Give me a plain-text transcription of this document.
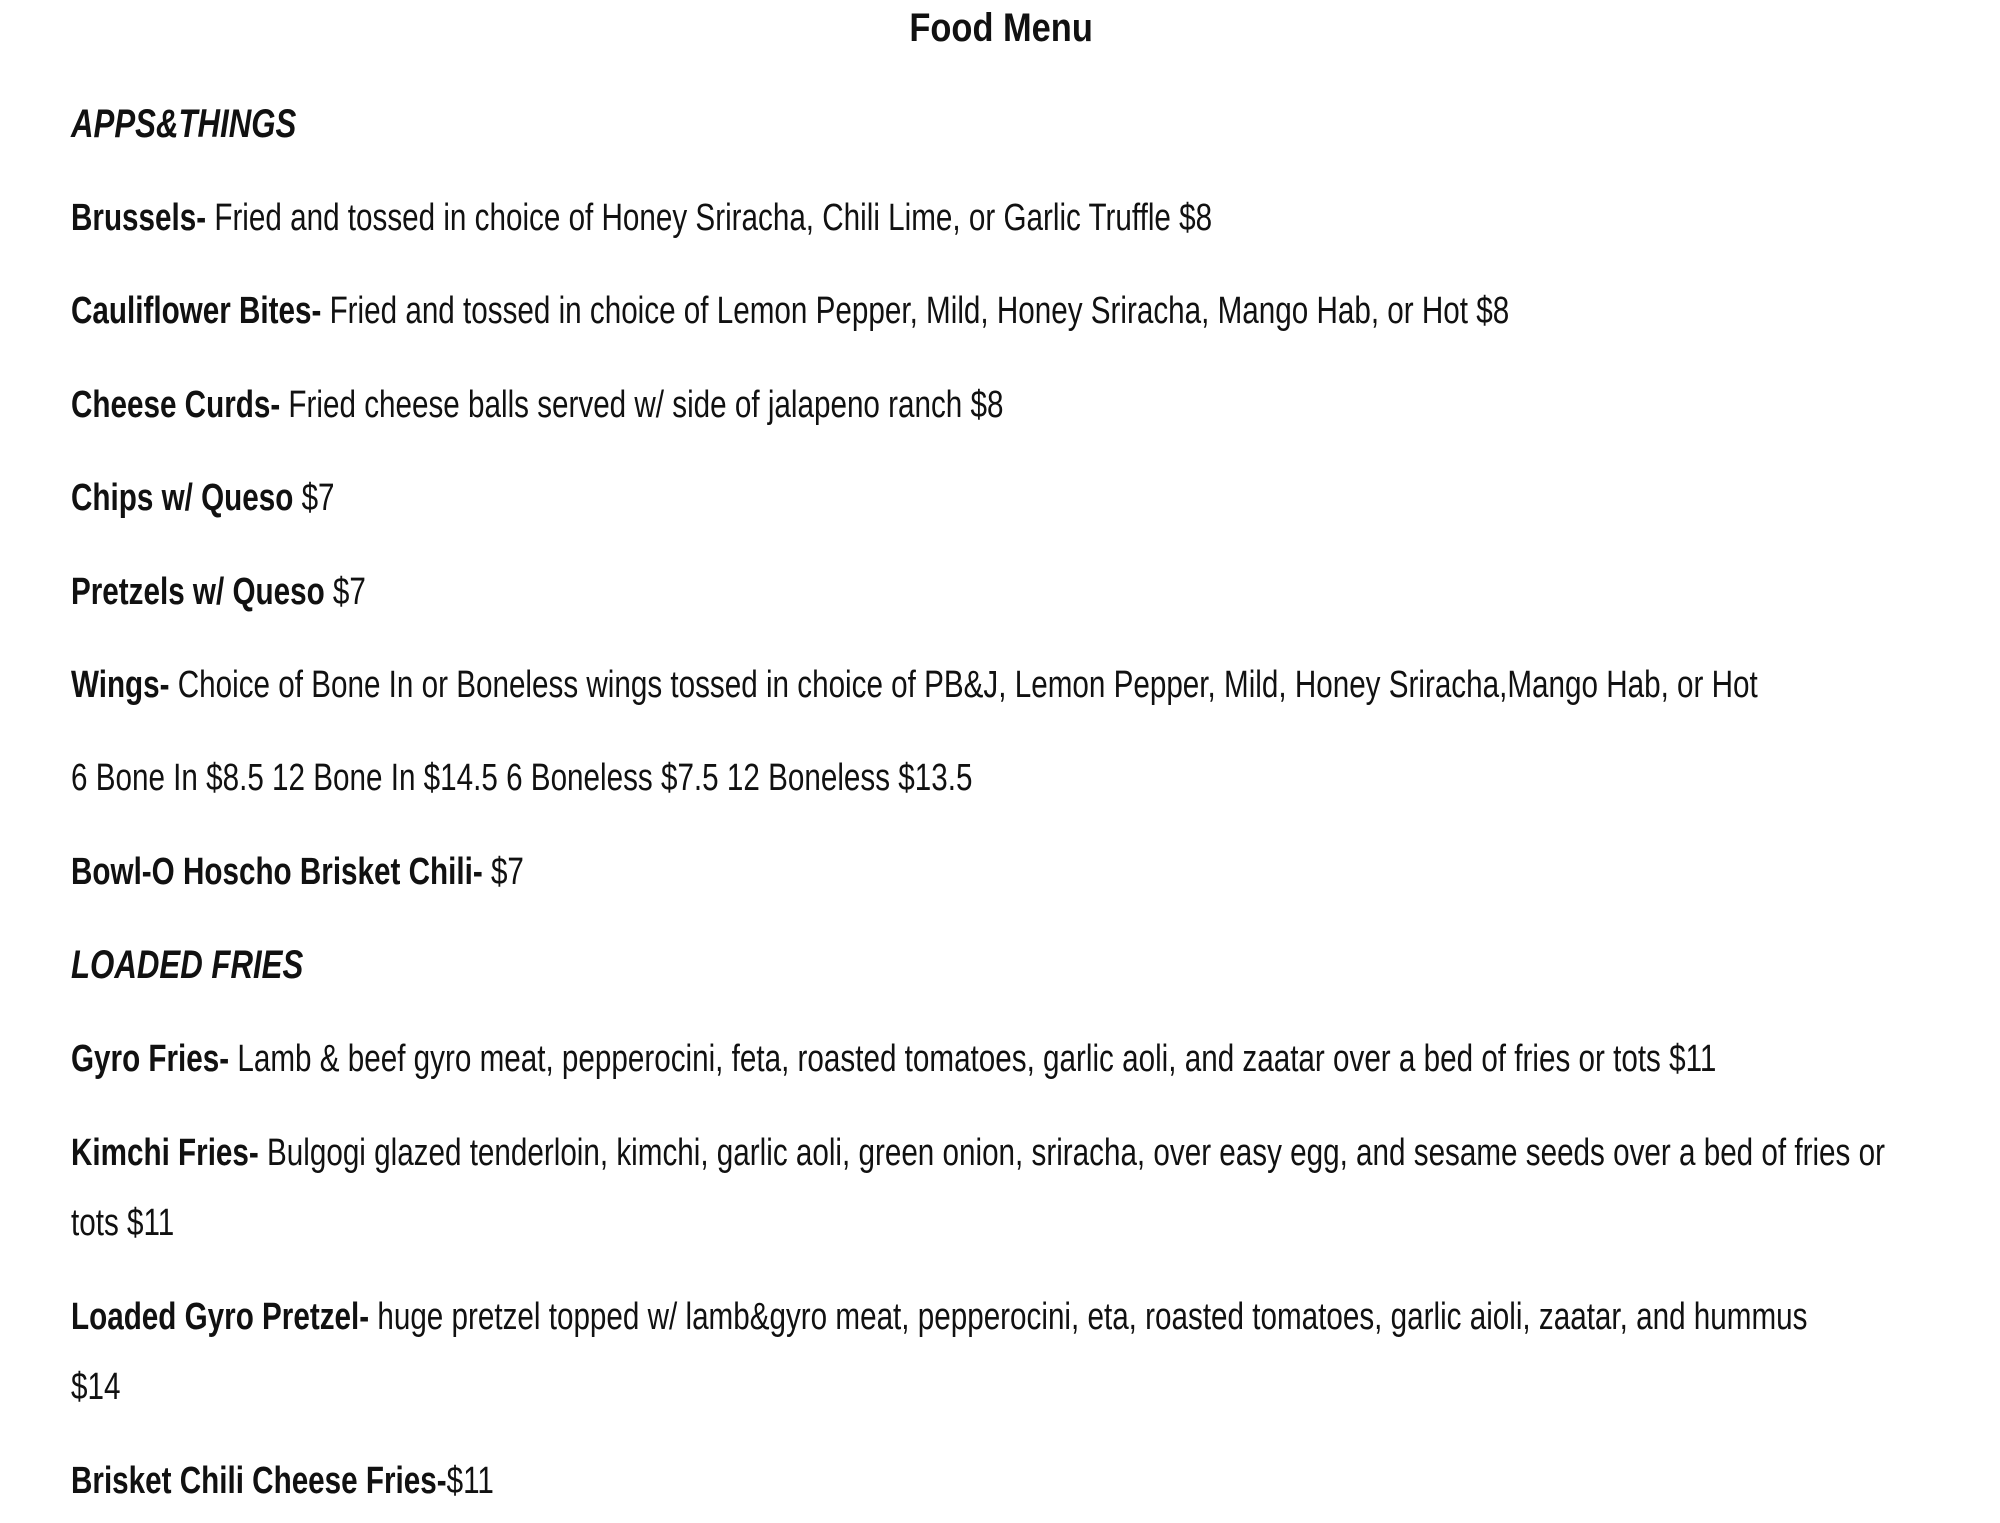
Food Menu
APPS&THINGS
Brussels- Fried and tossed in choice of Honey Sriracha, Chili Lime, or Garlic Truffle $8
Cauliflower Bites- Fried and tossed in choice of Lemon Pepper, Mild, Honey Sriracha, Mango Hab, or Hot $8
Cheese Curds- Fried cheese balls served w/ side of jalapeno ranch $8
Chips w/ Queso $7
Pretzels w/ Queso $7
Wings- Choice of Bone In or Boneless wings tossed in choice of PB&J, Lemon Pepper, Mild, Honey Sriracha,Mango Hab, or Hot
6 Bone In $8.5 12 Bone In $14.5 6 Boneless $7.5 12 Boneless $13.5
Bowl-O Hoscho Brisket Chili- $7
LOADED FRIES
Gyro Fries- Lamb & beef gyro meat, pepperocini, feta, roasted tomatoes, garlic aoli, and zaatar over a bed of fries or tots $11
Kimchi Fries- Bulgogi glazed tenderloin, kimchi, garlic aoli, green onion, sriracha, over easy egg, and sesame seeds over a bed of fries or
tots $11
Loaded Gyro Pretzel- huge pretzel topped w/ lamb&gyro meat, pepperocini, eta, roasted tomatoes, garlic aioli, zaatar, and hummus
$14
Brisket Chili Cheese Fries-$11
